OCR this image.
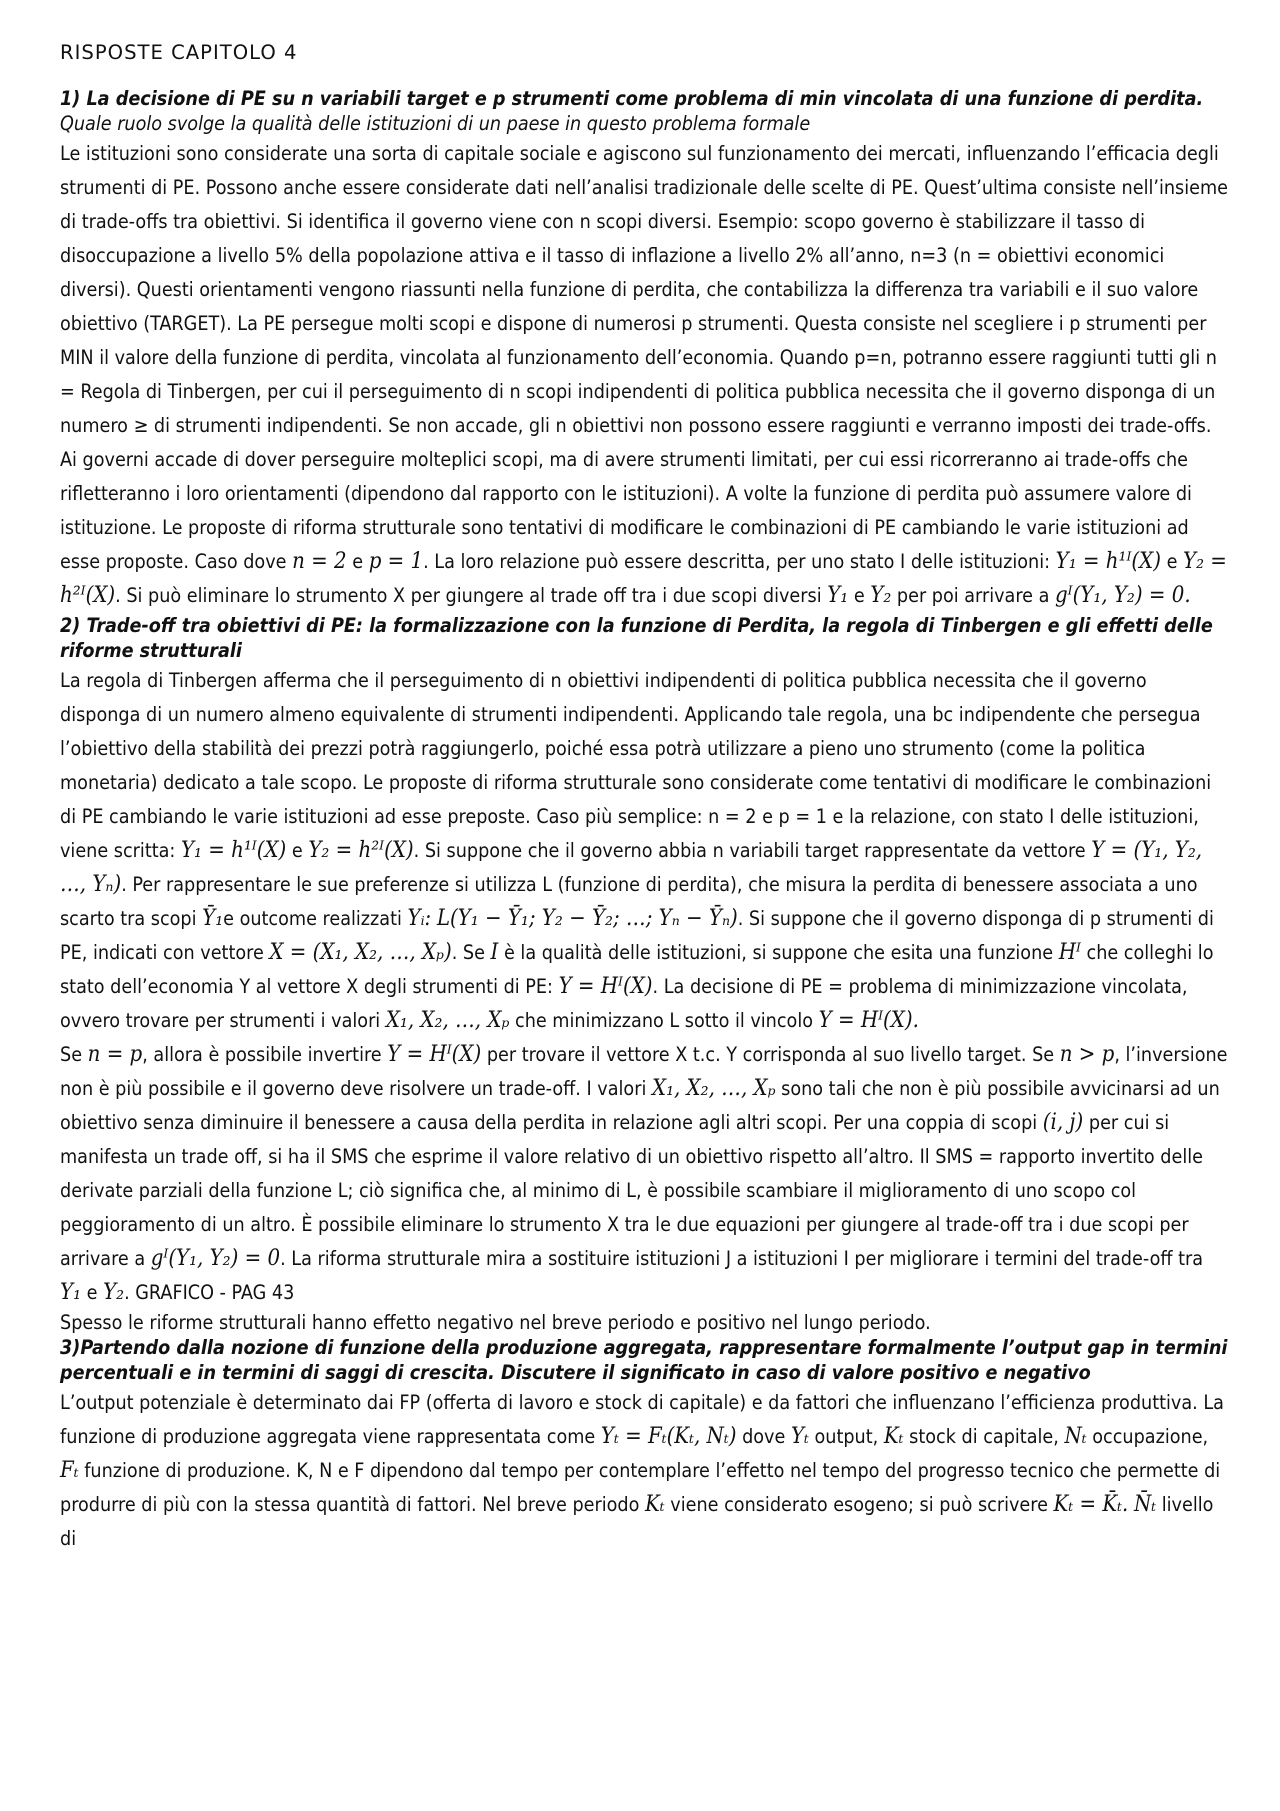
RISPOSTE CAPITOLO 4

1) La decisione di PE su n variabili target e p strumenti come problema di min vincolata di una funzione di perdita.

Quale ruolo svolge la qualità delle istituzioni di un paese in questo problema formale

Le istituzioni sono considerate una sorta di capitale sociale e agiscono sul funzionamento dei mercati, influenzando l’efficacia degli strumenti di PE. Possono anche essere considerate dati nell’analisi tradizionale delle scelte di PE. Quest’ultima consiste nell’insieme di trade-offs tra obiettivi. Si identifica il governo viene con n scopi diversi. Esempio: scopo governo è stabilizzare il tasso di disoccupazione a livello 5% della popolazione attiva e il tasso di inflazione a livello 2% all’anno, n=3 (n = obiettivi economici diversi). Questi orientamenti vengono riassunti nella funzione di perdita, che contabilizza la differenza tra variabili e il suo valore obiettivo (TARGET). La PE persegue molti scopi e dispone di numerosi p strumenti. Questa consiste nel scegliere i p strumenti per MIN il valore della funzione di perdita, vincolata al funzionamento dell’economia. Quando p=n, potranno essere raggiunti tutti gli n = Regola di Tinbergen, per cui il perseguimento di n scopi indipendenti di politica pubblica necessita che il governo disponga di un numero ≥ di strumenti indipendenti. Se non accade, gli n obiettivi non possono essere raggiunti e verranno imposti dei trade-offs. Ai governi accade di dover perseguire molteplici scopi, ma di avere strumenti limitati, per cui essi ricorreranno ai trade-offs che rifletteranno i loro orientamenti (dipendono dal rapporto con le istituzioni). A volte la funzione di perdita può assumere valore di istituzione. Le proposte di riforma strutturale sono tentativi di modificare le combinazioni di PE cambiando le varie istituzioni ad esse proposte. Caso dove n = 2 e p = 1. La loro relazione può essere descritta, per uno stato I delle istituzioni: Y₁ = h¹ᴵ(X) e Y₂ = h²ᴵ(X). Si può eliminare lo strumento X per giungere al trade off tra i due scopi diversi Y₁ e Y₂ per poi arrivare a gᴵ(Y₁, Y₂) = 0.

2) Trade-off tra obiettivi di PE: la formalizzazione con la funzione di Perdita, la regola di Tinbergen e gli effetti delle riforme strutturali

La regola di Tinbergen afferma che il perseguimento di n obiettivi indipendenti di politica pubblica necessita che il governo disponga di un numero almeno equivalente di strumenti indipendenti. Applicando tale regola, una bc indipendente che persegua l’obiettivo della stabilità dei prezzi potrà raggiungerlo, poiché essa potrà utilizzare a pieno uno strumento (come la politica monetaria) dedicato a tale scopo. Le proposte di riforma strutturale sono considerate come tentativi di modificare le combinazioni di PE cambiando le varie istituzioni ad esse preposte. Caso più semplice: n = 2 e p = 1 e la relazione, con stato I delle istituzioni, viene scritta: Y₁ = h¹ᴵ(X) e Y₂ = h²ᴵ(X). Si suppone che il governo abbia n variabili target rappresentate da vettore Y = (Y₁, Y₂, …, Yₙ). Per rappresentare le sue preferenze si utilizza L (funzione di perdita), che misura la perdita di benessere associata a uno scarto tra scopi Ȳ₁e outcome realizzati Yᵢ: L(Y₁ − Ȳ₁; Y₂ − Ȳ₂; …; Yₙ − Ȳₙ). Si suppone che il governo disponga di p strumenti di PE, indicati con vettore X = (X₁, X₂, …, Xₚ). Se I è la qualità delle istituzioni, si suppone che esita una funzione Hᴵ che colleghi lo stato dell’economia Y al vettore X degli strumenti di PE: Y = Hᴵ(X). La decisione di PE = problema di minimizzazione vincolata, ovvero trovare per strumenti i valori X₁, X₂, …, Xₚ che minimizzano L sotto il vincolo Y = Hᴵ(X).

Se n = p, allora è possibile invertire Y = Hᴵ(X) per trovare il vettore X t.c. Y corrisponda al suo livello target. Se n > p, l’inversione non è più possibile e il governo deve risolvere un trade-off. I valori X₁, X₂, …, Xₚ sono tali che non è più possibile avvicinarsi ad un obiettivo senza diminuire il benessere a causa della perdita in relazione agli altri scopi. Per una coppia di scopi (i, j) per cui si manifesta un trade off, si ha il SMS che esprime il valore relativo di un obiettivo rispetto all’altro. Il SMS = rapporto invertito delle derivate parziali della funzione L; ciò significa che, al minimo di L, è possibile scambiare il miglioramento di uno scopo col peggioramento di un altro. È possibile eliminare lo strumento X tra le due equazioni per giungere al trade-off tra i due scopi per arrivare a gᴵ(Y₁, Y₂) = 0. La riforma strutturale mira a sostituire istituzioni J a istituzioni I per migliorare i termini del trade-off tra Y₁ e Y₂. GRAFICO - PAG 43

Spesso le riforme strutturali hanno effetto negativo nel breve periodo e positivo nel lungo periodo.

3)Partendo dalla nozione di funzione della produzione aggregata, rappresentare formalmente l’output gap in termini percentuali e in termini di saggi di crescita. Discutere il significato in caso di valore positivo e negativo

L’output potenziale è determinato dai FP (offerta di lavoro e stock di capitale) e da fattori che influenzano l’efficienza produttiva. La funzione di produzione aggregata viene rappresentata come Yₜ = Fₜ(Kₜ, Nₜ) dove Yₜ output, Kₜ stock di capitale, Nₜ occupazione, Fₜ funzione di produzione. K, N e F dipendono dal tempo per contemplare l’effetto nel tempo del progresso tecnico che permette di produrre di più con la stessa quantità di fattori. Nel breve periodo Kₜ viene considerato esogeno; si può scrivere Kₜ = K̄ₜ. N̄ₜ livello di
